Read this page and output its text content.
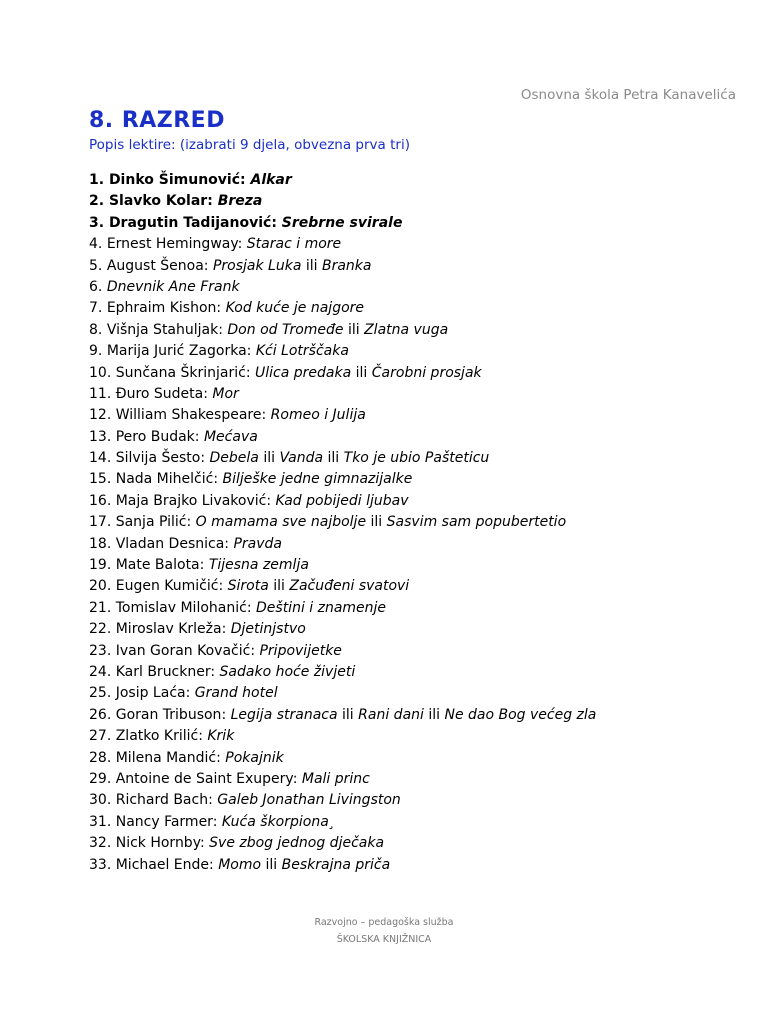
Osnovna škola Petra Kanavelića
8. RAZRED
Popis lektire: (izabrati 9 djela, obvezna prva tri)
1. Dinko Šimunović: Alkar
2. Slavko Kolar: Breza
3. Dragutin Tadijanović: Srebrne svirale
4. Ernest Hemingway: Starac i more
5. August Šenoa: Prosjak Luka ili Branka
6. Dnevnik Ane Frank
7. Ephraim Kishon: Kod kuće je najgore
8. Višnja Stahuljak: Don od Tromeđe ili Zlatna vuga
9. Marija Jurić Zagorka: Kći Lotrščaka
10. Sunčana Škrinjarić: Ulica predaka ili Čarobni prosjak
11. Đuro Sudeta: Mor
12. William Shakespeare: Romeo i Julija
13. Pero Budak: Mećava
14. Silvija Šesto: Debela ili Vanda ili Tko je ubio Pašteticu
15. Nada Mihelčić: Bilješke jedne gimnazijalke
16. Maja Brajko Livaković: Kad pobijedi ljubav
17. Sanja Pilić: O mamama sve najbolje ili Sasvim sam popubertetio
18. Vladan Desnica: Pravda
19. Mate Balota: Tijesna zemlja
20. Eugen Kumičić: Sirota ili Začuđeni svatovi
21. Tomislav Milohanić: Deštini i znamenje
22. Miroslav Krleža: Djetinjstvo
23. Ivan Goran Kovačić: Pripovijetke
24. Karl Bruckner: Sadako hoće živjeti
25. Josip Laća: Grand hotel
26. Goran Tribuson: Legija stranaca ili Rani dani ili Ne dao Bog većeg zla
27. Zlatko Krilić: Krik
28. Milena Mandić: Pokajnik
29. Antoine de Saint Exupery: Mali princ
30. Richard Bach: Galeb Jonathan Livingston
31. Nancy Farmer: Kuća škorpiona¸
32. Nick Hornby: Sve zbog jednog dječaka
33. Michael Ende: Momo ili Beskrajna priča
Razvojno – pedagoška služba
ŠKOLSKA KNJIŽNICA
